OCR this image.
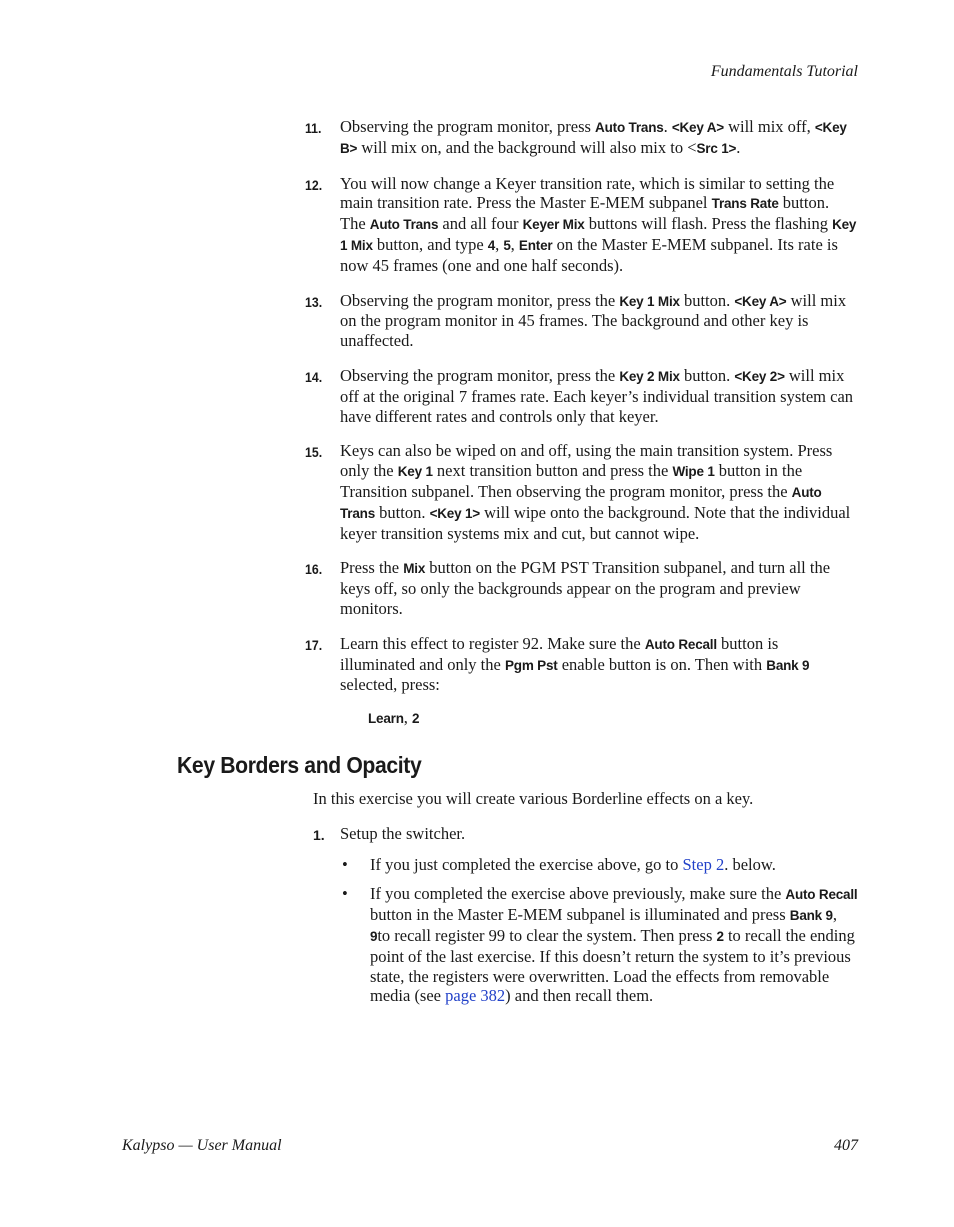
Fundamentals Tutorial
11.	Observing the program monitor, press Auto Trans. <Key A> will mix off, <Key B> will mix on, and the background will also mix to <Src 1>.
12.	You will now change a Keyer transition rate, which is similar to setting the main transition rate. Press the Master E-MEM subpanel Trans Rate button. The Auto Trans and all four Keyer Mix buttons will flash. Press the flashing Key 1 Mix button, and type 4, 5, Enter on the Master E-MEM subpanel. Its rate is now 45 frames (one and one half seconds).
13.	Observing the program monitor, press the Key 1 Mix button. <Key A> will mix on the program monitor in 45 frames. The background and other key is unaffected.
14.	Observing the program monitor, press the Key 2 Mix button. <Key 2> will mix off at the original 7 frames rate. Each keyer’s individual transition system can have different rates and controls only that keyer.
15.	Keys can also be wiped on and off, using the main transition system. Press only the Key 1 next transition button and press the Wipe 1 button in the Transition subpanel. Then observing the program monitor, press the Auto Trans button. <Key 1> will wipe onto the background. Note that the individual keyer transition systems mix and cut, but cannot wipe.
16.	Press the Mix button on the PGM PST Transition subpanel, and turn all the keys off, so only the backgrounds appear on the program and preview monitors.
17.	Learn this effect to register 92. Make sure the Auto Recall button is illuminated and only the Pgm Pst enable button is on. Then with Bank 9 selected, press:
Learn, 2
Key Borders and Opacity

In this exercise you will create various Borderline effects on a key.

1. Setup the switcher.
•	If you just completed the exercise above, go to Step 2. below.
•	If you completed the exercise above previously, make sure the Auto Recall button in the Master E-MEM subpanel is illuminated and press Bank 9, 9to recall register 99 to clear the system. Then press 2 to recall the ending point of the last exercise. If this doesn’t return the system to it’s previous state, the registers were overwritten. Load the effects from removable media (see page 382) and then recall them.
Kalypso — User Manual	407
